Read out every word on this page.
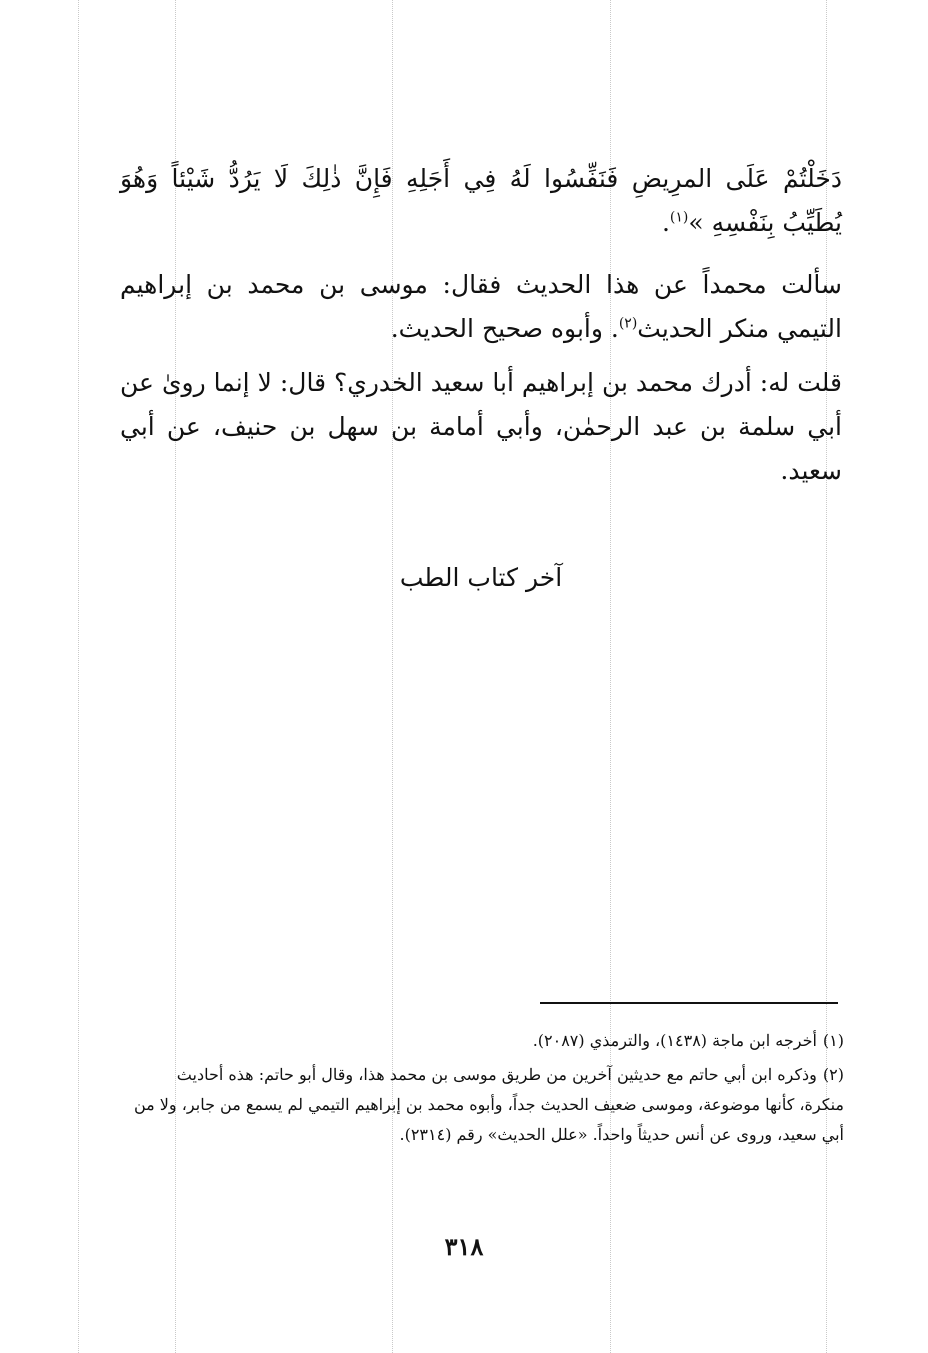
دَخَلْتُمْ عَلَى المرِيضِ فَنَفِّسُوا لَهُ فِي أَجَلِهِ فَإِنَّ ذٰلِكَ لَا يَرُدُّ شَيْئاً وَهُوَ يُطَيِّبُ بِنَفْسِهِ »$^{(١)}$.

سألت محمداً عن هذا الحديث فقال: موسى بن محمد بن إبراهيم التيمي منكر الحديث$^{(٢)}$. وأبوه صحيح الحديث.

قلت له: أدرك محمد بن إبراهيم أبا سعيد الخدري؟ قال: لا إنما روىٰ عن أبي سلمة بن عبد الرحمٰن، وأبي أمامة بن سهل بن حنيف، عن أبي سعيد.

آخر كتاب الطب
(١)أخرجه ابن ماجة (١٤٣٨)، والترمذي (٢٠٨٧).
(٢)وذكره ابن أبي حاتم مع حديثين آخرين من طريق موسى بن محمد هذا، وقال أبو حاتم: هذه أحاديث منكرة، كأنها موضوعة، وموسى ضعيف الحديث جداً، وأبوه محمد بن إبراهيم التيمي لم يسمع من جابر، ولا من أبي سعيد، وروى عن أنس حديثاً واحداً. «علل الحديث» رقم (٢٣١٤).
٣١٨
